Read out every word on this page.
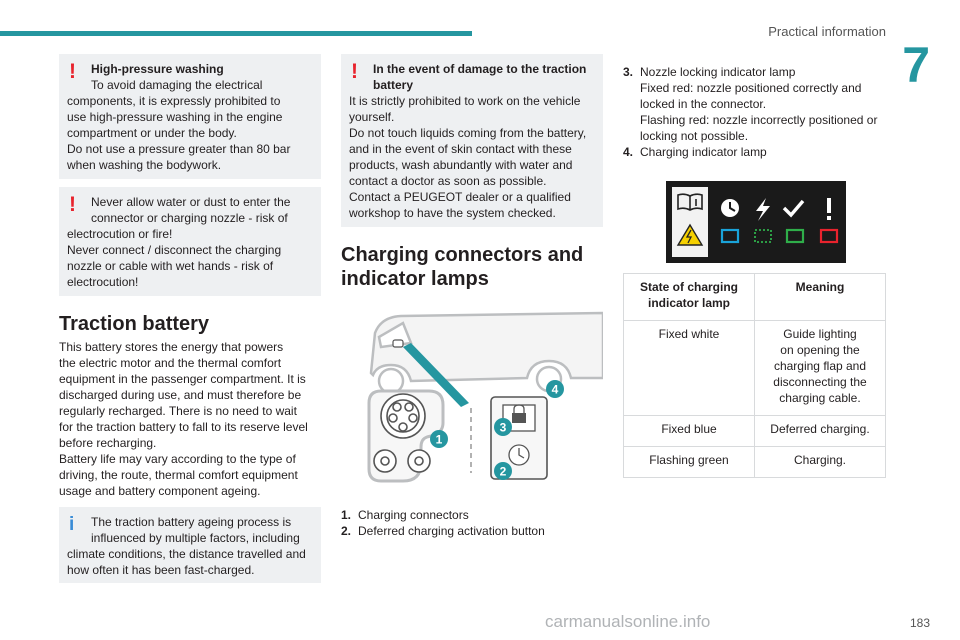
Practical information
7
!	High-pressure washing
To avoid damaging the electrical

components, it is expressly prohibited to

use high-pressure washing in the engine

compartment or under the body.

Do not use a pressure greater than 80 bar

when washing the bodywork.

!	Never allow water or dust to enter the
connector or charging nozzle - risk of

electrocution or fire!

Never connect / disconnect the charging

nozzle or cable with wet hands - risk of

electrocution!

Traction battery

This battery stores the energy that powers

the electric motor and the thermal comfort

equipment in the passenger compartment. It is

discharged during use, and must therefore be

regularly recharged. There is no need to wait

for the traction battery to fall to its reserve level

before recharging.

Battery life may vary according to the type of

driving, the route, thermal comfort equipment

usage and battery component ageing.

i	The traction battery ageing process is
influenced by multiple factors, including

climate conditions, the distance travelled and

how often it has been fast-charged.

!	In the event of damage to the traction
battery

It is strictly prohibited to work on the vehicle

yourself.

Do not touch liquids coming from the battery,

and in the event of skin contact with these

products, wash abundantly with water and

contact a doctor as soon as possible.

Contact a PEUGEOT dealer or a qualified

workshop to have the system checked.

Charging connectors and
indicator lamps
1
2
3
4
1. Charging connectors
2. Deferred charging activation button
3. Nozzle locking indicator lamp

Fixed red: nozzle positioned correctly and

locked in the connector.

Flashing red: nozzle incorrectly positioned or

locking not possible.

4. Charging indicator lamp

State of charging
indicator lamp	Meaning

Fixed white	Guide lighting
on opening the
charging flap and
disconnecting the
charging cable.

Fixed blue	Deferred charging.

Flashing green	Charging.
carmanualsonline.info	183
